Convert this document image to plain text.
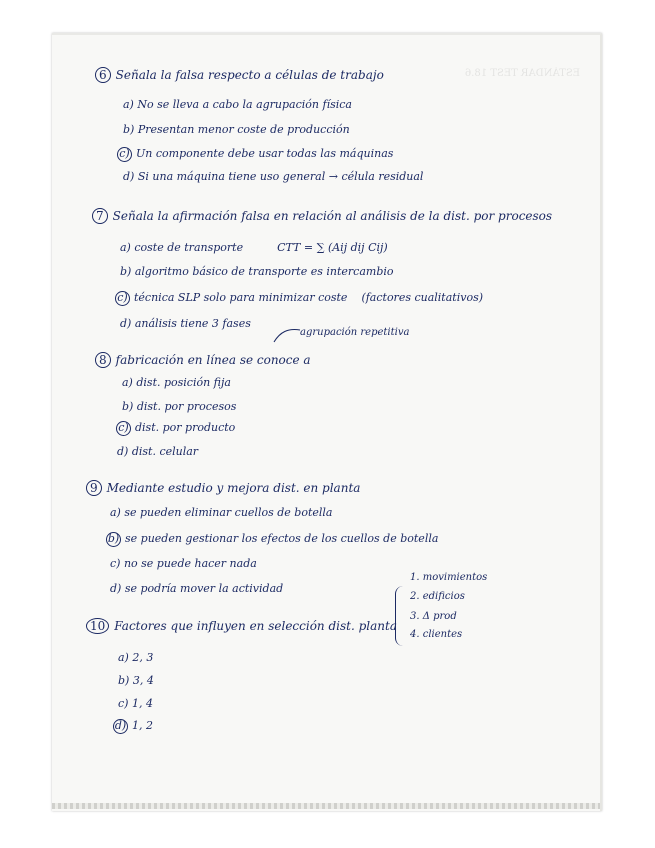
ESTÁNDAR TEST 18.6
6 Señala la falsa respecto a células de trabajo
a) No se lleva a cabo la agrupación física
b) Presentan menor coste de producción
c) Un componente debe usar todas las máquinas
d) Si una máquina tiene uso general → célula residual
7 Señala la afirmación falsa en relación al análisis de la dist. por procesos
a) coste de transporte	CTT = ∑ (Aij dij Cij)
b) algoritmo básico de transporte es intercambio
c) técnica SLP solo para minimizar coste (factores cualitativos)
d) análisis tiene 3 fases
agrupación repetitiva
8 fabricación en línea se conoce a
a) dist. posición fija
b) dist. por procesos
c) dist. por producto
d) dist. celular
9 Mediante estudio y mejora dist. en planta
a) se pueden eliminar cuellos de botella
b) se pueden gestionar los efectos de los cuellos de botella
c) no se puede hacer nada
d) se podría mover la actividad
10 Factores que influyen en selección dist. planta
1. movimientos
2. edificios
3. Δ prod
4. clientes
a) 2, 3
b) 3, 4
c) 1, 4
d) 1, 2
